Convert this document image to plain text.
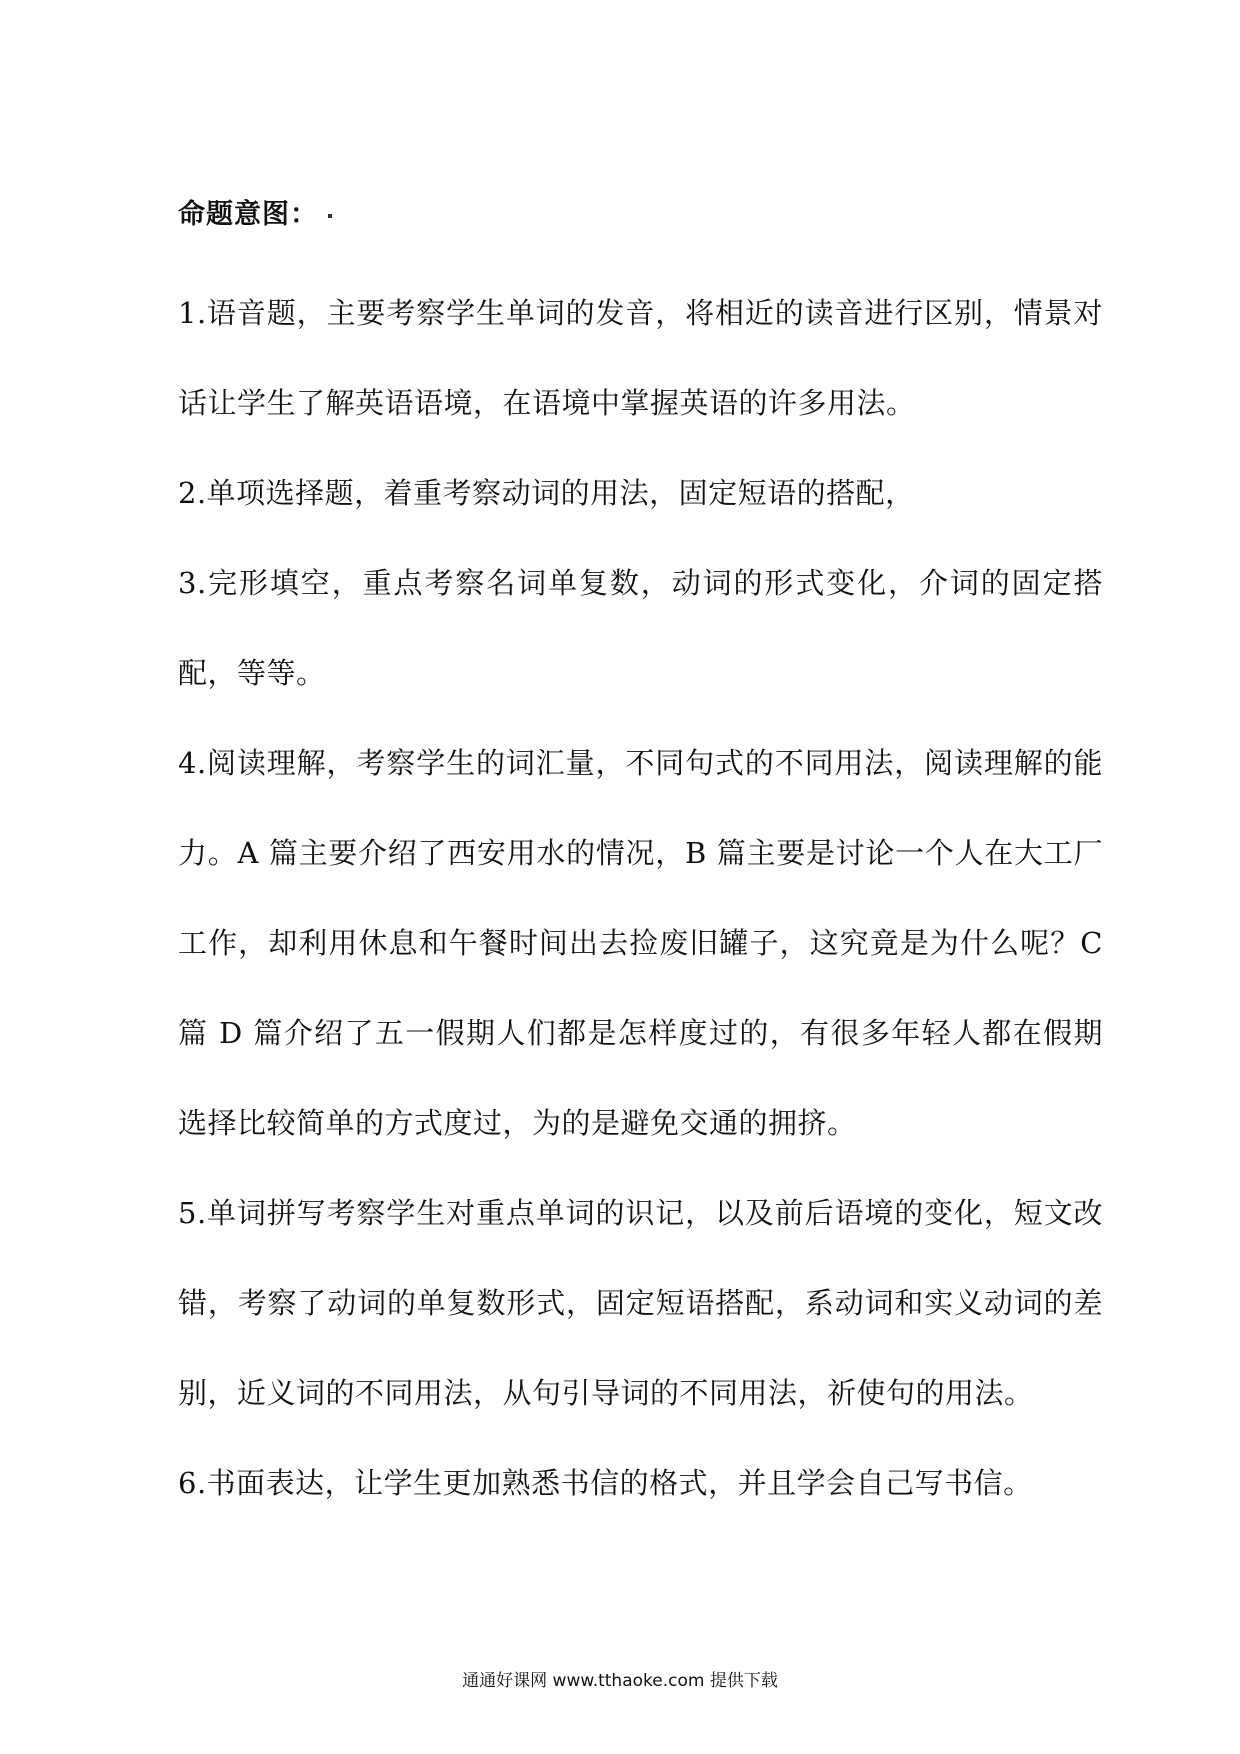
命题意图：

1.语音题，主要考察学生单词的发音，将相近的读音进行区别，情景对话让学生了解英语语境，在语境中掌握英语的许多用法。

2.单项选择题，着重考察动词的用法，固定短语的搭配，

3.完形填空，重点考察名词单复数，动词的形式变化，介词的固定搭配，等等。

4.阅读理解，考察学生的词汇量，不同句式的不同用法，阅读理解的能力。A 篇主要介绍了西安用水的情况，B 篇主要是讨论一个人在大工厂工作，却利用休息和午餐时间出去捡废旧罐子，这究竟是为什么呢？C 篇 D 篇介绍了五一假期人们都是怎样度过的，有很多年轻人都在假期选择比较简单的方式度过，为的是避免交通的拥挤。

5.单词拼写考察学生对重点单词的识记，以及前后语境的变化，短文改错，考察了动词的单复数形式，固定短语搭配，系动词和实义动词的差别，近义词的不同用法，从句引导词的不同用法，祈使句的用法。

6.书面表达，让学生更加熟悉书信的格式，并且学会自己写书信。

通通好课网 www.tthaoke.com 提供下载
